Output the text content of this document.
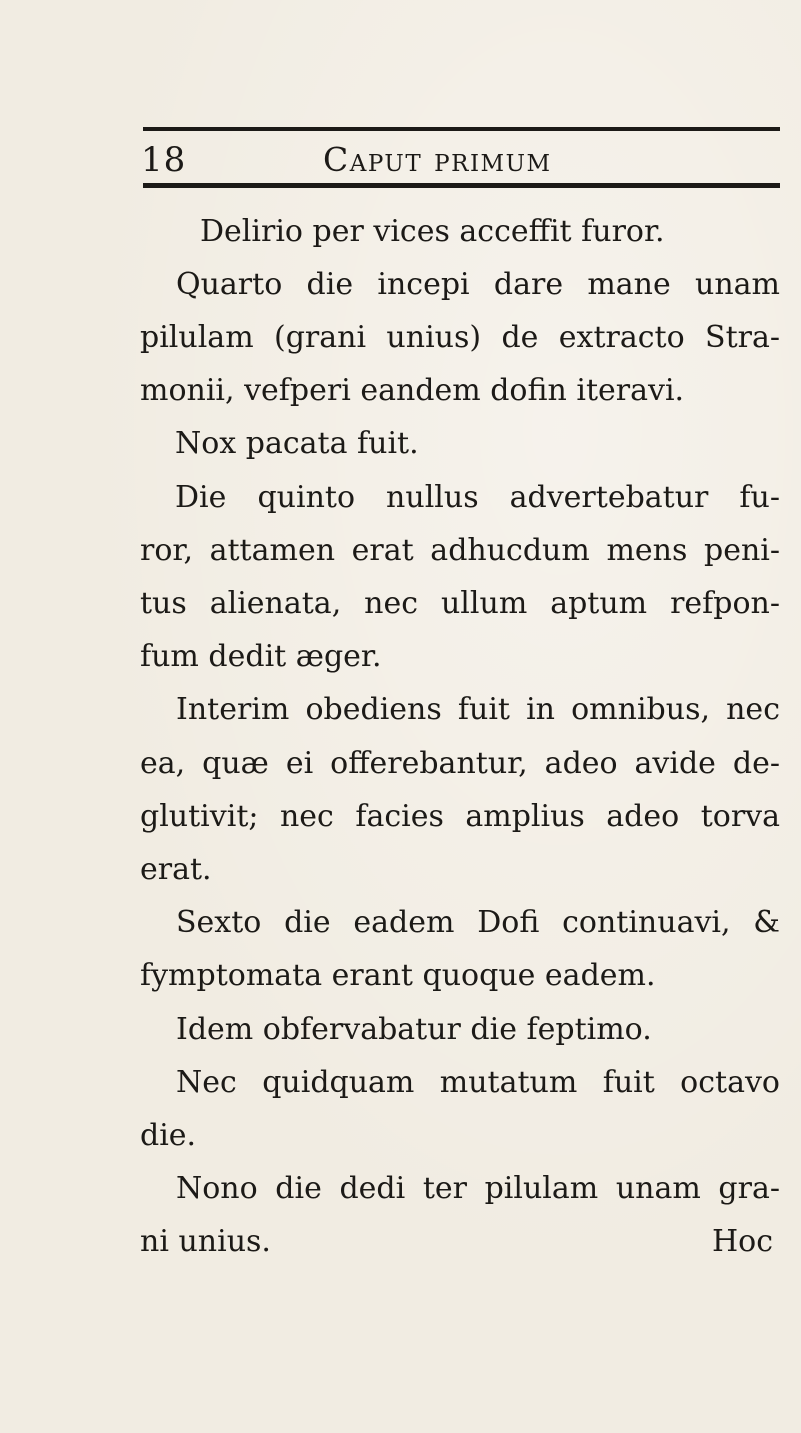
18	Caput primum
Delirio per vices acceffit furor.
Quarto die incepi dare mane unam
pilulam (grani unius) de extracto Stra-
monii, vefperi eandem dofin iteravi.
Nox pacata fuit.
Die quinto nullus advertebatur fu-
ror, attamen erat adhucdum mens peni-
tus alienata, nec ullum aptum refpon-
fum dedit æger.
Interim obediens fuit in omnibus, nec
ea, quæ ei offerebantur, adeo avide de-
glutivit; nec facies amplius adeo torva
erat.
Sexto die eadem Dofi continuavi, &
fymptomata erant quoque eadem.
Idem obfervabatur die feptimo.
Nec quidquam mutatum fuit octavo
die.
Nono die dedi ter pilulam unam gra-
ni unius.	Hoc
